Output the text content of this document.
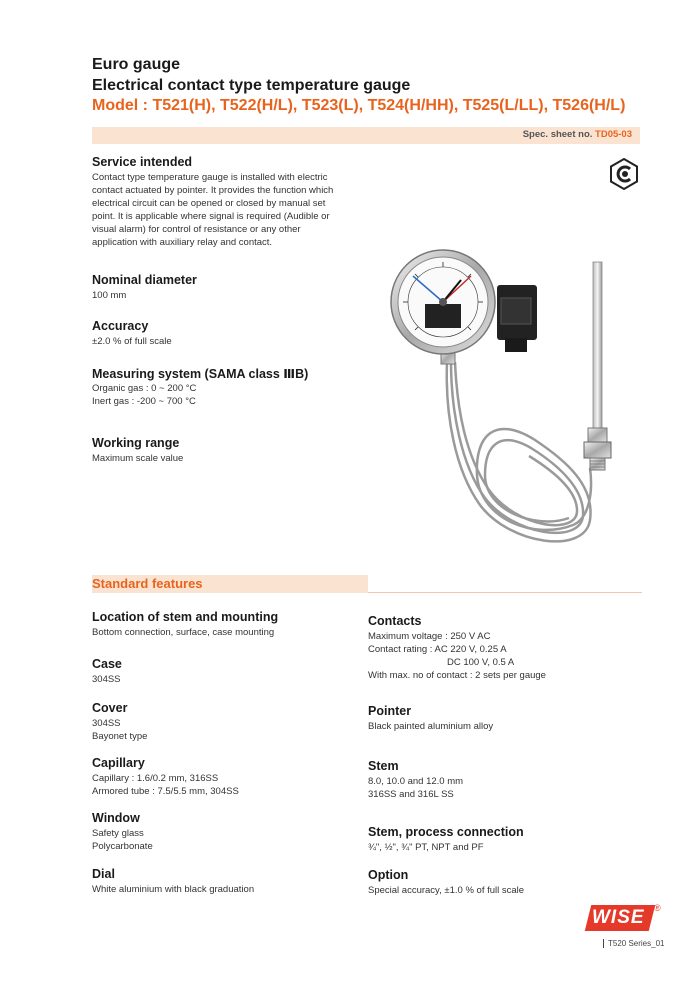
Euro gauge
Electrical contact type temperature gauge
Model : T521(H), T522(H/L), T523(L), T524(H/HH), T525(L/LL), T526(H/L)
Spec. sheet no. TD05-03
Service intended
Contact type temperature gauge is installed with electric
contact actuated by pointer. It provides the function which
electrical circuit can be opened or closed by manual set
point. It is applicable where signal is required (Audible or
visual alarm) for control of resistance or any other
application with auxiliary relay and contact.
Nominal diameter
100 mm
Accuracy
±2.0 % of full scale
Measuring system (SAMA class ⅢB)
Organic gas : 0 ~ 200 °C
Inert gas : -200 ~ 700 °C
Working range
Maximum scale value
Standard features
Location of stem and mounting
Bottom connection, surface, case mounting
Case
304SS
Cover
304SS
Bayonet type
Capillary
Capillary : 1.6/0.2 mm, 316SS
Armored tube : 7.5/5.5 mm, 304SS
Window
Safety glass
Polycarbonate
Dial
White aluminium with black graduation
Contacts
Maximum voltage : 250 V AC
Contact rating : AC 220 V, 0.25 A
DC 100 V, 0.5 A
With max. no of contact : 2 sets per gauge
Pointer
Black painted aluminium alloy
Stem
8.0, 10.0 and 12.0 mm
316SS and 316L SS
Stem, process connection
¾", ½", ¾" PT, NPT and PF
Option
Special accuracy, ±1.0 % of full scale
WISE ®
T520 Series_01
